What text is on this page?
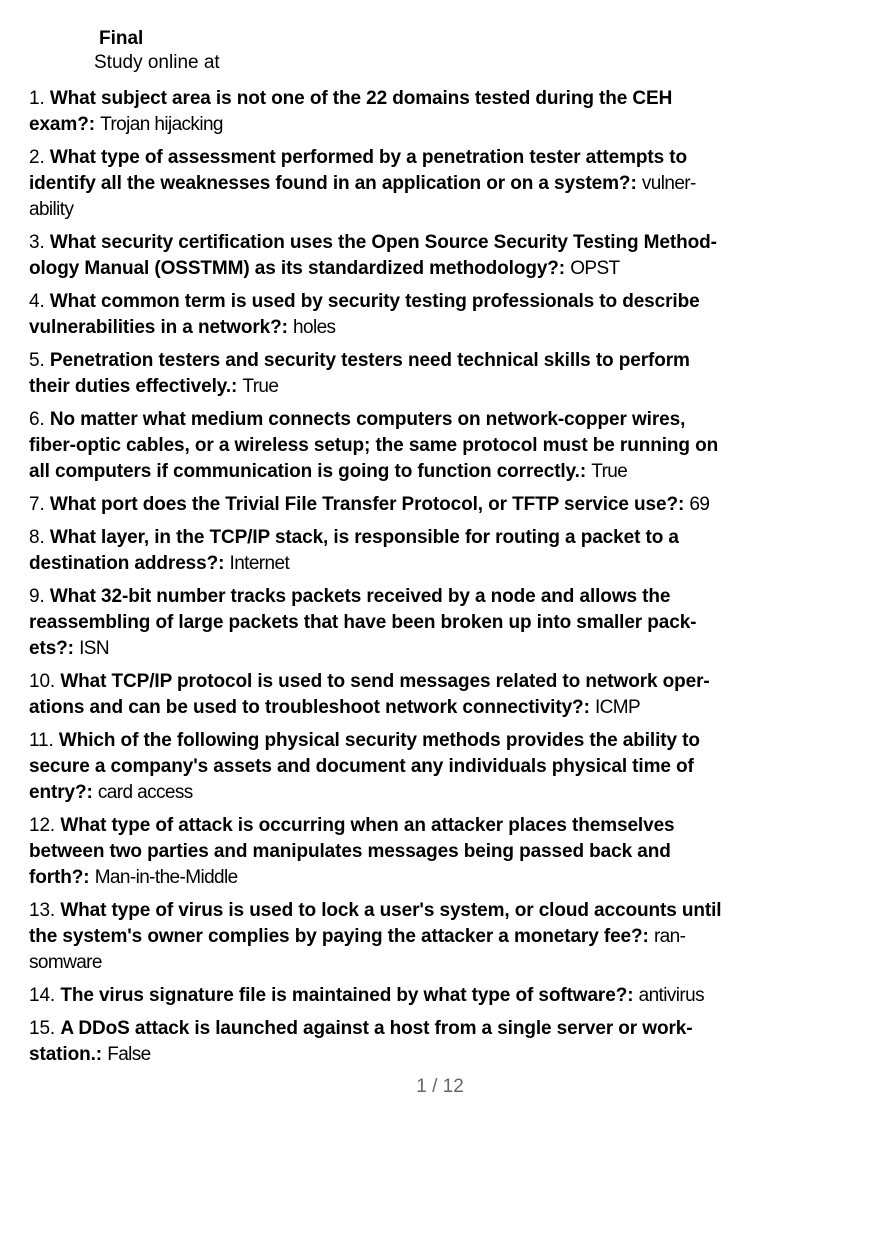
Final
Study online at
1. What subject area is not one of the 22 domains tested during the CEH exam?: Trojan hijacking
2. What type of assessment performed by a penetration tester attempts to identify all the weaknesses found in an application or on a system?: vulner-ability
3. What security certification uses the Open Source Security Testing Method-ology Manual (OSSTMM) as its standardized methodology?: OPST
4. What common term is used by security testing professionals to describe vulnerabilities in a network?: holes
5. Penetration testers and security testers need technical skills to perform their duties effectively.: True
6. No matter what medium connects computers on network-copper wires, fiber-optic cables, or a wireless setup; the same protocol must be running on all computers if communication is going to function correctly.: True
7. What port does the Trivial File Transfer Protocol, or TFTP service use?: 69
8. What layer, in the TCP/IP stack, is responsible for routing a packet to a destination address?: Internet
9. What 32-bit number tracks packets received by a node and allows the reassembling of large packets that have been broken up into smaller pack-ets?: ISN
10. What TCP/IP protocol is used to send messages related to network oper-ations and can be used to troubleshoot network connectivity?: ICMP
11. Which of the following physical security methods provides the ability to secure a company's assets and document any individuals physical time of entry?: card access
12. What type of attack is occurring when an attacker places themselves between two parties and manipulates messages being passed back and forth?: Man-in-the-Middle
13. What type of virus is used to lock a user's system, or cloud accounts until the system's owner complies by paying the attacker a monetary fee?: ran-somware
14. The virus signature file is maintained by what type of software?: antivirus
15. A DDoS attack is launched against a host from a single server or work-station.: False
1 / 12
